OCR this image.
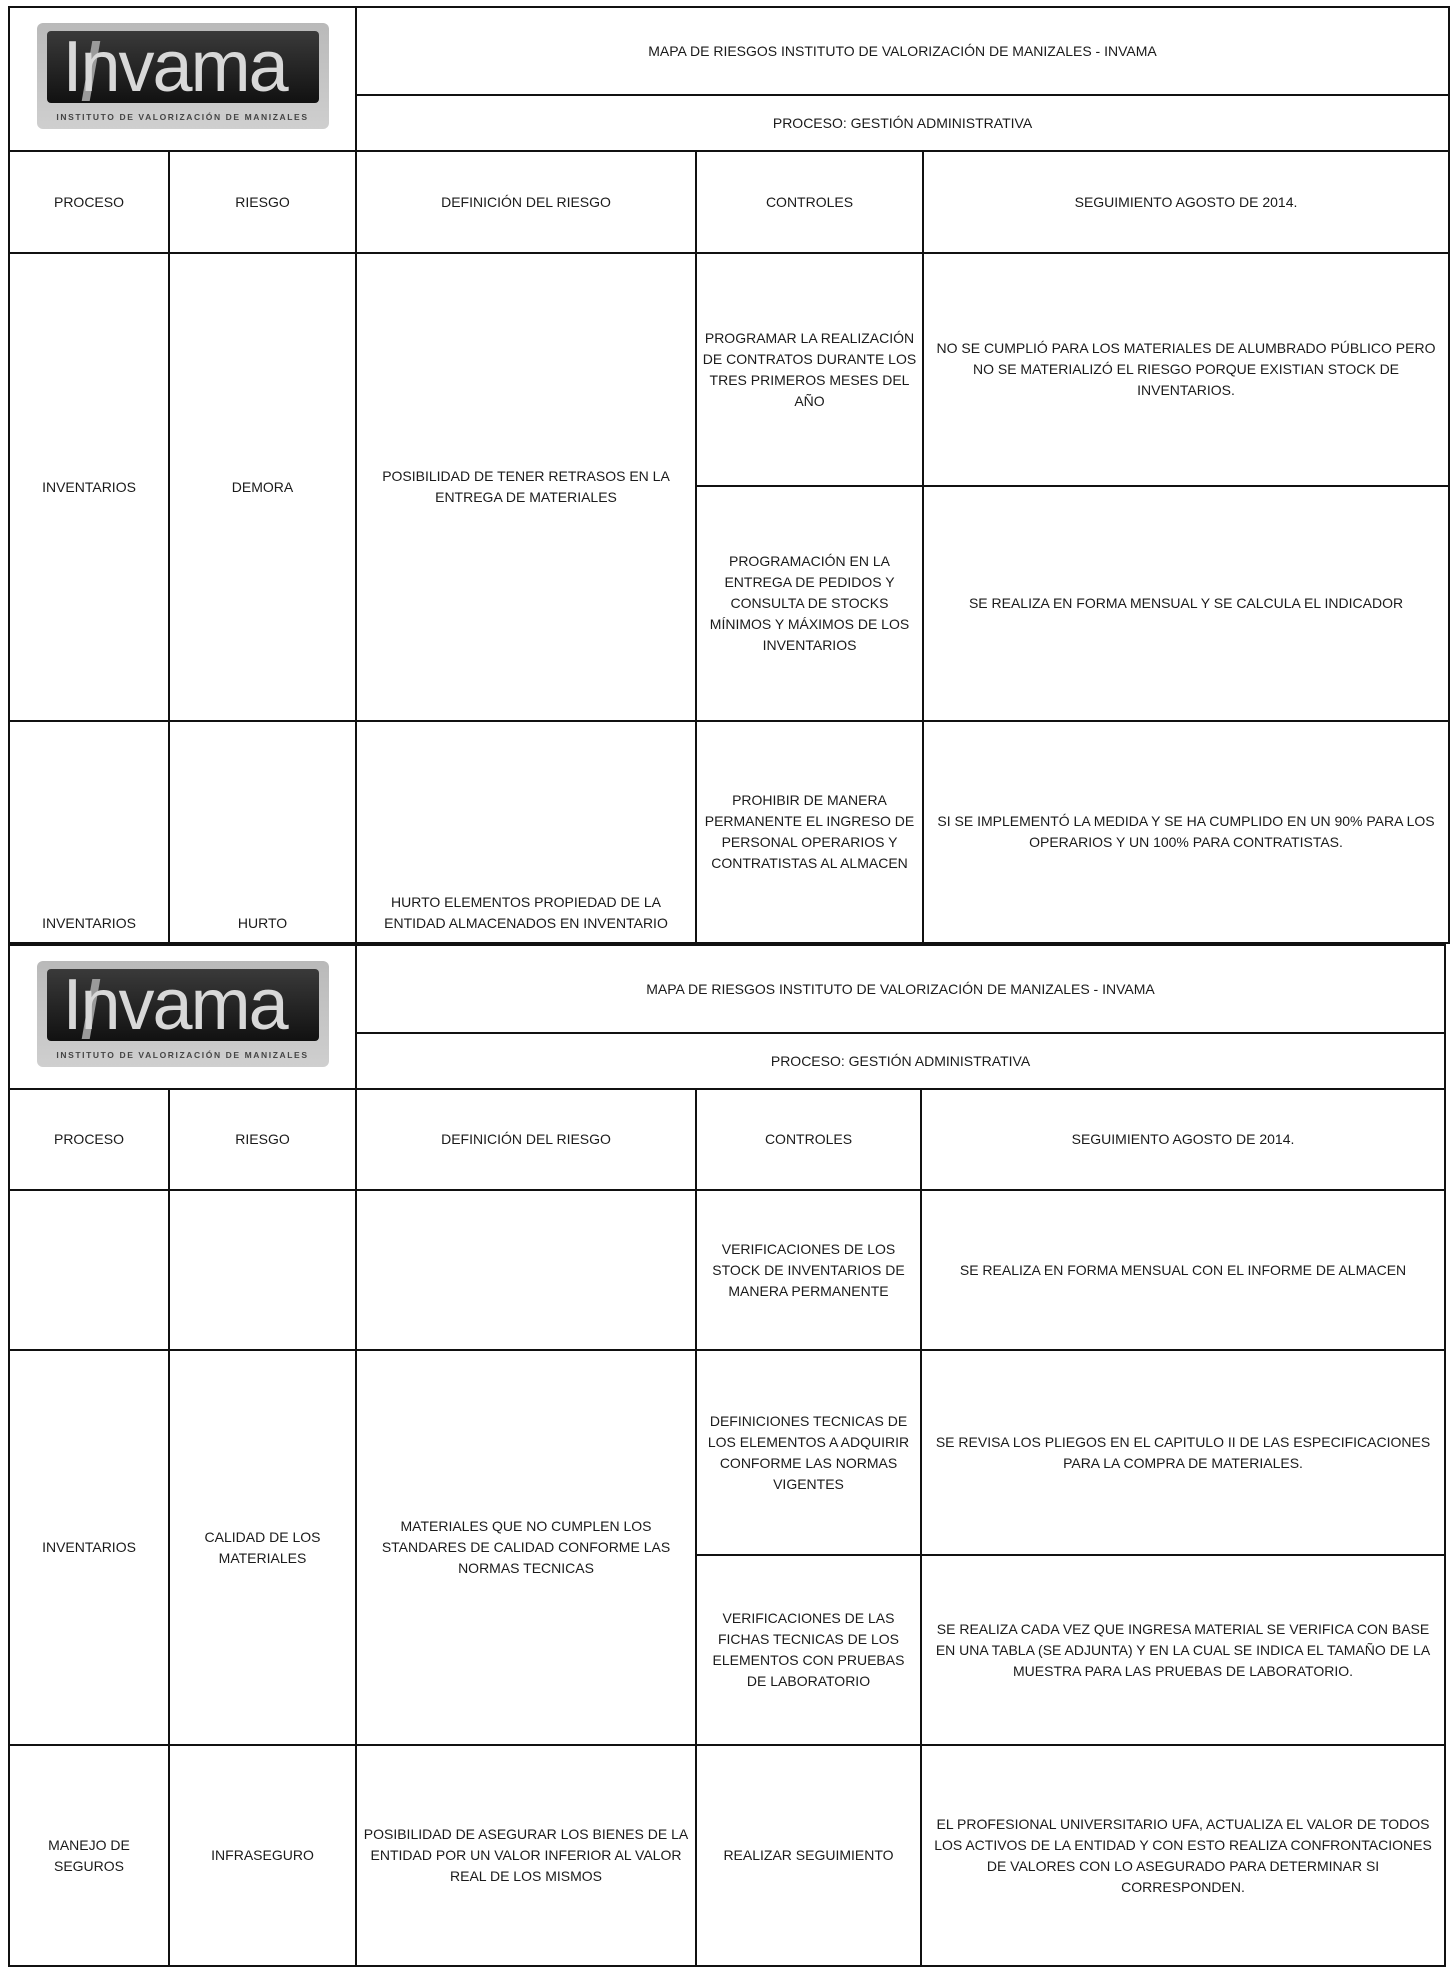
Invama
INSTITUTO DE VALORIZACIÓN DE MANIZALES		MAPA DE RIESGOS INSTITUTO DE VALORIZACIÓN DE MANIZALES - INVAMA		
		PROCESO: GESTIÓN ADMINISTRATIVA		
PROCESO	RIESGO	DEFINICIÓN DEL RIESGO	CONTROLES	SEGUIMIENTO AGOSTO DE 2014.
INVENTARIOS	DEMORA	POSIBILIDAD DE TENER RETRASOS EN LA ENTREGA DE MATERIALES	PROGRAMAR LA REALIZACIÓN DE CONTRATOS DURANTE LOS TRES PRIMEROS MESES DEL AÑO	NO SE CUMPLIÓ PARA LOS MATERIALES DE ALUMBRADO PÚBLICO PERO NO SE MATERIALIZÓ EL RIESGO PORQUE EXISTIAN STOCK DE INVENTARIOS.
			PROGRAMACIÓN EN LA ENTREGA DE PEDIDOS Y CONSULTA DE STOCKS MÍNIMOS Y MÁXIMOS DE LOS INVENTARIOS	SE REALIZA EN FORMA MENSUAL Y SE CALCULA EL INDICADOR
INVENTARIOS	HURTO	HURTO ELEMENTOS PROPIEDAD DE LA ENTIDAD ALMACENADOS EN INVENTARIO	PROHIBIR DE MANERA PERMANENTE EL INGRESO DE PERSONAL OPERARIOS Y CONTRATISTAS AL ALMACEN	SI SE IMPLEMENTÓ LA MEDIDA Y SE HA CUMPLIDO EN UN 90% PARA LOS OPERARIOS Y UN 100% PARA CONTRATISTAS.
Invama
INSTITUTO DE VALORIZACIÓN DE MANIZALES		MAPA DE RIESGOS INSTITUTO DE VALORIZACIÓN DE MANIZALES - INVAMA		
		PROCESO: GESTIÓN ADMINISTRATIVA		
PROCESO	RIESGO	DEFINICIÓN DEL RIESGO	CONTROLES	SEGUIMIENTO AGOSTO DE 2014.
			VERIFICACIONES DE LOS STOCK DE INVENTARIOS DE MANERA PERMANENTE	SE REALIZA EN FORMA MENSUAL CON EL INFORME DE ALMACEN
INVENTARIOS	CALIDAD DE LOS MATERIALES	MATERIALES QUE NO CUMPLEN LOS STANDARES DE CALIDAD CONFORME LAS NORMAS TECNICAS	DEFINICIONES TECNICAS DE LOS ELEMENTOS A ADQUIRIR CONFORME LAS NORMAS VIGENTES	SE REVISA LOS PLIEGOS EN EL CAPITULO II DE LAS ESPECIFICACIONES PARA LA COMPRA DE MATERIALES.
			VERIFICACIONES DE LAS FICHAS TECNICAS DE LOS ELEMENTOS CON PRUEBAS DE LABORATORIO	SE REALIZA CADA VEZ QUE INGRESA MATERIAL SE VERIFICA CON BASE EN UNA TABLA (SE ADJUNTA) Y EN LA CUAL SE INDICA EL TAMAÑO DE LA MUESTRA PARA LAS PRUEBAS DE LABORATORIO.
MANEJO DE SEGUROS	INFRASEGURO	POSIBILIDAD DE ASEGURAR LOS BIENES DE LA ENTIDAD POR UN VALOR INFERIOR AL VALOR REAL DE LOS MISMOS	REALIZAR SEGUIMIENTO	EL PROFESIONAL UNIVERSITARIO UFA, ACTUALIZA EL VALOR DE TODOS LOS ACTIVOS DE LA ENTIDAD Y CON ESTO REALIZA CONFRONTACIONES DE VALORES CON LO ASEGURADO PARA DETERMINAR SI CORRESPONDEN.
